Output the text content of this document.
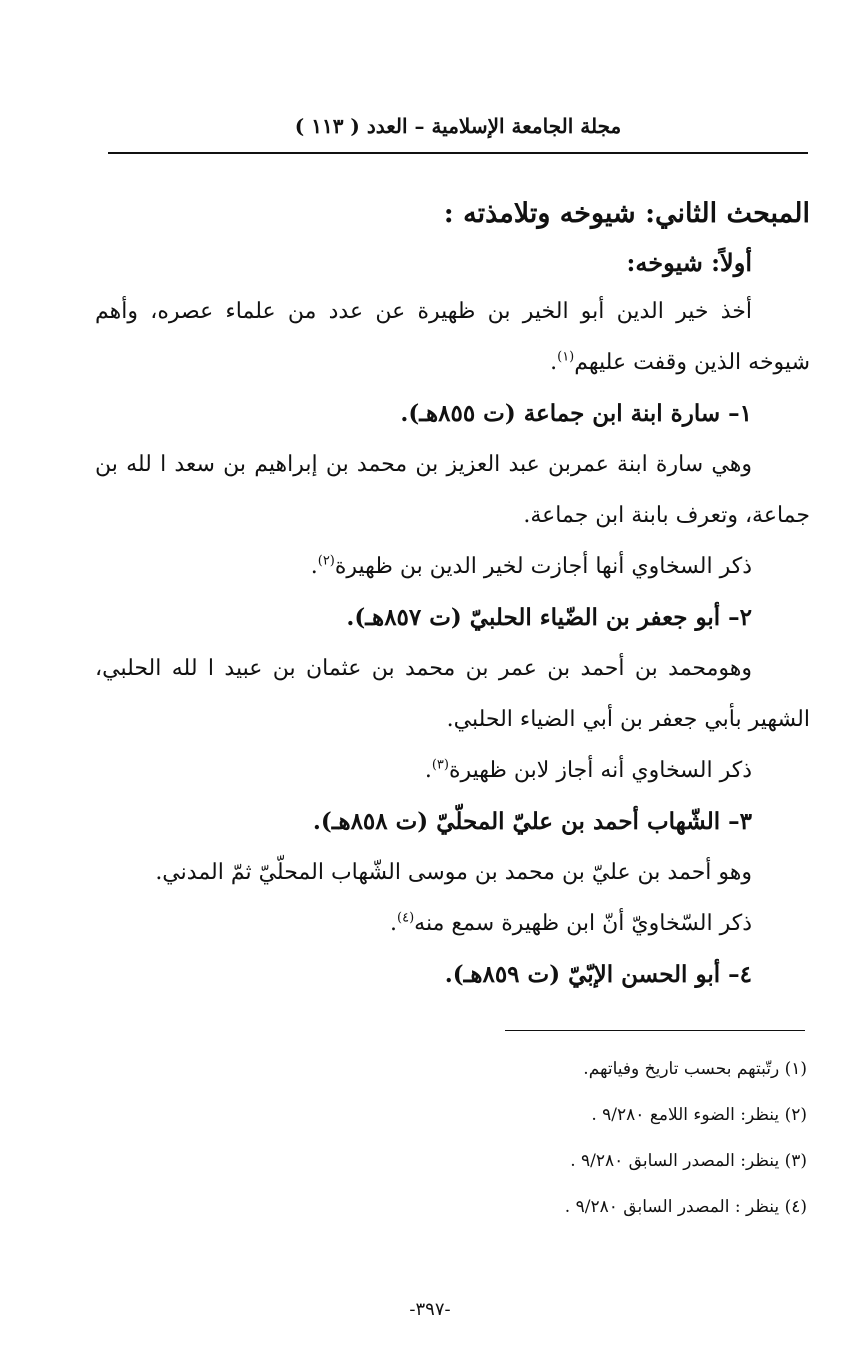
مجلة الجامعة الإسلامية – العدد ( ١١٣ )

المبحث الثاني: شيوخه وتلامذته :

أولاً: شيوخه:

أخذ خير الدين أبو الخير بن ظهيرة عن عدد من علماء عصره، وأهم شيوخه الذين وقفت عليهم$^{(١)}$.

١– سارة ابنة ابن جماعة (ت ٨٥٥هـ).

وهي سارة ابنة عمربن عبد العزيز بن محمد بن إبراهيم بن سعد ا لله بن جماعة، وتعرف بابنة ابن جماعة.

ذكر السخاوي أنها أجازت لخير الدين بن ظهيرة$^{(٢)}$.

٢– أبو جعفر بن الضّياء الحلبيّ (ت ٨٥٧هـ).

وهومحمد بن أحمد بن عمر بن محمد بن عثمان بن عبيد ا لله الحلبي، الشهير بأبي جعفر بن أبي الضياء الحلبي.

ذكر السخاوي أنه أجاز لابن ظهيرة$^{(٣)}$.

٣– الشّهاب أحمد بن عليّ المحلّيّ (ت ٨٥٨هـ).

وهو أحمد بن عليّ بن محمد بن موسى الشّهاب المحلّيّ ثمّ المدني.

ذكر السّخاويّ أنّ ابن ظهيرة سمع منه$^{(٤)}$.

٤– أبو الحسن الإبّيّ (ت ٨٥٩هـ).

(١) رتّبتهم بحسب تاريخ وفياتهم.

(٢) ينظر: الضوء اللامع ٩/٢٨٠ .

(٣) ينظر: المصدر السابق ٩/٢٨٠ .

(٤) ينظر : المصدر السابق ٩/٢٨٠ .

-٣٩٧-
